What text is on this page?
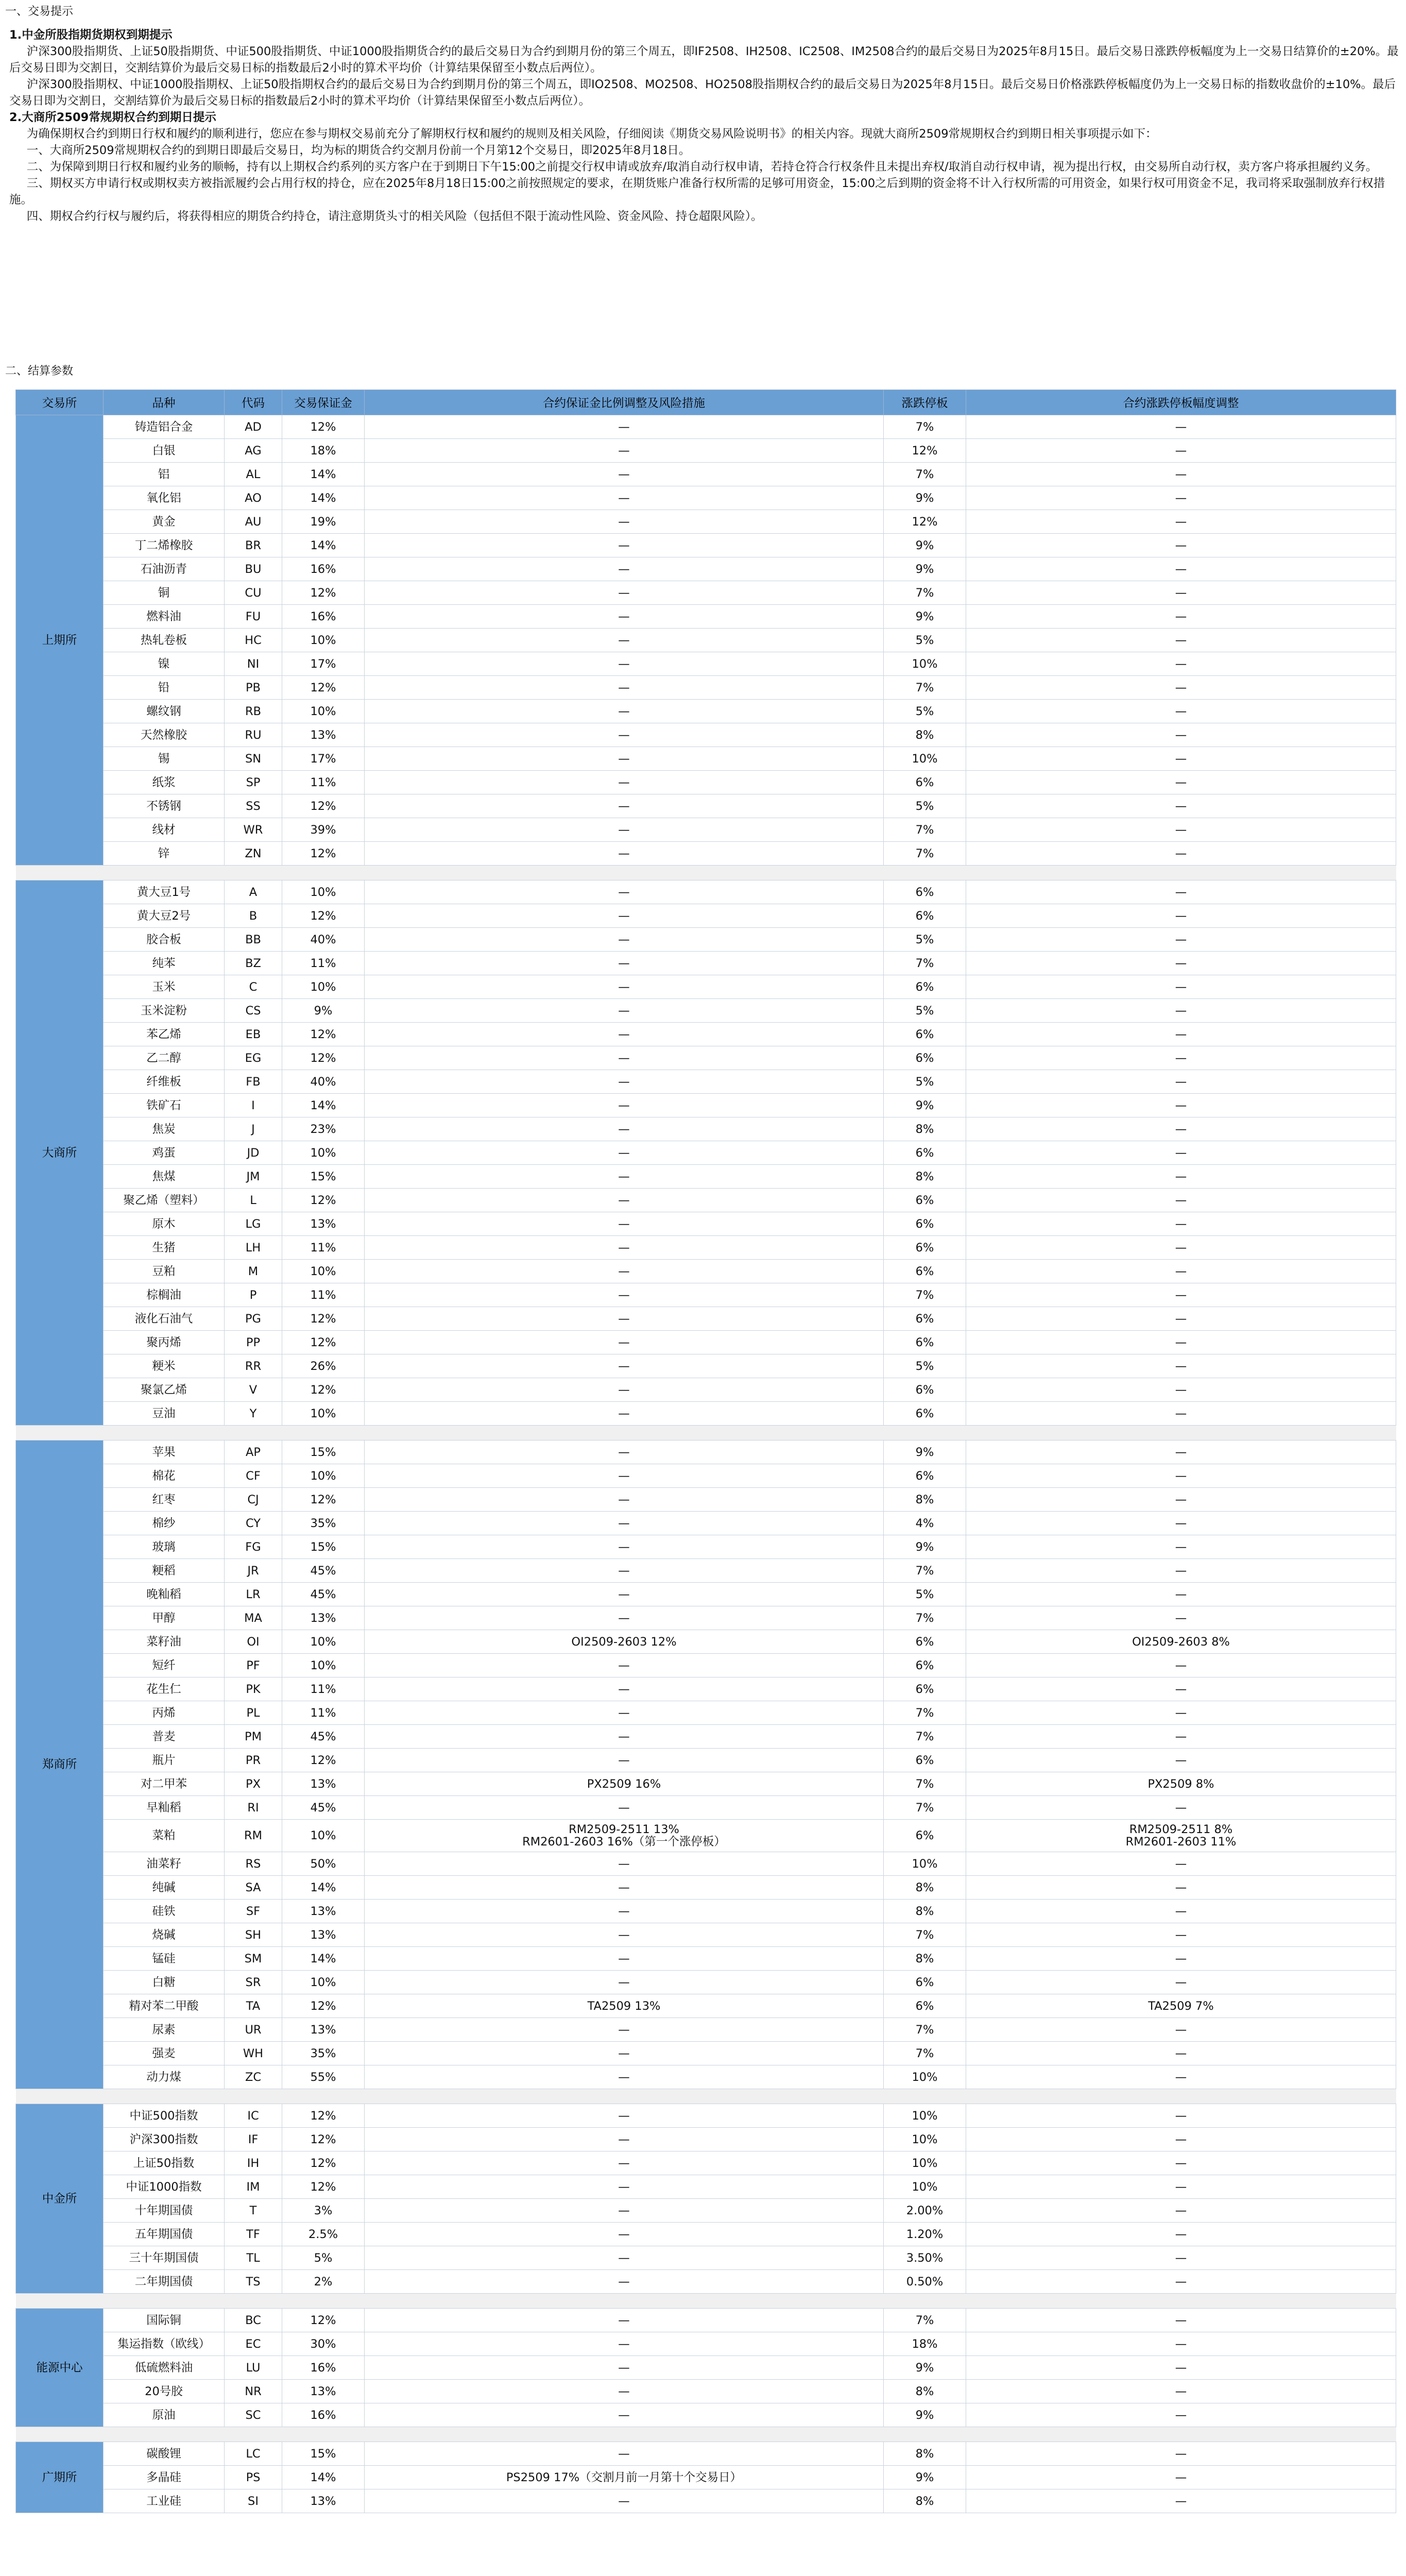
一、交易提示

1.中金所股指期货期权到期提示

沪深300股指期货、上证50股指期货、中证500股指期货、中证1000股指期货合约的最后交易日为合约到期月份的第三个周五，即IF2508、IH2508、IC2508、IM2508合约的最后交易日为2025年8月15日。最后交易日涨跌停板幅度为上一交易日结算价的±20%。最后交易日即为交割日，交割结算价为最后交易日标的指数最后2小时的算术平均价（计算结果保留至小数点后两位）。

沪深300股指期权、中证1000股指期权、上证50股指期权合约的最后交易日为合约到期月份的第三个周五，即IO2508、MO2508、HO2508股指期权合约的最后交易日为2025年8月15日。最后交易日价格涨跌停板幅度仍为上一交易日标的指数收盘价的±10%。最后交易日即为交割日，交割结算价为最后交易日标的指数最后2小时的算术平均价（计算结果保留至小数点后两位）。

2.大商所2509常规期权合约到期日提示

为确保期权合约到期日行权和履约的顺利进行，您应在参与期权交易前充分了解期权行权和履约的规则及相关风险，仔细阅读《期货交易风险说明书》的相关内容。现就大商所2509常规期权合约到期日相关事项提示如下：

一、大商所2509常规期权合约的到期日即最后交易日，均为标的期货合约交割月份前一个月第12个交易日，即2025年8月18日。

二、为保障到期日行权和履约业务的顺畅，持有以上期权合约系列的买方客户在于到期日下午15:00之前提交行权申请或放弃/取消自动行权申请，若持仓符合行权条件且未提出弃权/取消自动行权申请，视为提出行权，由交易所自动行权，卖方客户将承担履约义务。

三、期权买方申请行权或期权卖方被指派履约会占用行权的持仓，应在2025年8月18日15:00之前按照规定的要求，在期货账户准备行权所需的足够可用资金，15:00之后到期的资金将不计入行权所需的可用资金，如果行权可用资金不足，我司将采取强制放弃行权措施。

四、期权合约行权与履约后，将获得相应的期货合约持仓，请注意期货头寸的相关风险（包括但不限于流动性风险、资金风险、持仓超限风险）。

二、结算参数
交易所	品种	代码	交易保证金	合约保证金比例调整及风险措施	涨跌停板	合约涨跌停板幅度调整
上期所	铸造铝合金	AD	12%	—	7%	—
	白银	AG	18%	—	12%	—
	铝	AL	14%	—	7%	—
	氧化铝	AO	14%	—	9%	—
	黄金	AU	19%	—	12%	—
	丁二烯橡胶	BR	14%	—	9%	—
	石油沥青	BU	16%	—	9%	—
	铜	CU	12%	—	7%	—
	燃料油	FU	16%	—	9%	—
	热轧卷板	HC	10%	—	5%	—
	镍	NI	17%	—	10%	—
	铅	PB	12%	—	7%	—
	螺纹钢	RB	10%	—	5%	—
	天然橡胶	RU	13%	—	8%	—
	锡	SN	17%	—	10%	—
	纸浆	SP	11%	—	6%	—
	不锈钢	SS	12%	—	5%	—
	线材	WR	39%	—	7%	—
	锌	ZN	12%	—	7%	—

大商所	黄大豆1号	A	10%	—	6%	—
	黄大豆2号	B	12%	—	6%	—
	胶合板	BB	40%	—	5%	—
	纯苯	BZ	11%	—	7%	—
	玉米	C	10%	—	6%	—
	玉米淀粉	CS	9%	—	5%	—
	苯乙烯	EB	12%	—	6%	—
	乙二醇	EG	12%	—	6%	—
	纤维板	FB	40%	—	5%	—
	铁矿石	I	14%	—	9%	—
	焦炭	J	23%	—	8%	—
	鸡蛋	JD	10%	—	6%	—
	焦煤	JM	15%	—	8%	—
	聚乙烯（塑料）	L	12%	—	6%	—
	原木	LG	13%	—	6%	—
	生猪	LH	11%	—	6%	—
	豆粕	M	10%	—	6%	—
	棕榈油	P	11%	—	7%	—
	液化石油气	PG	12%	—	6%	—
	聚丙烯	PP	12%	—	6%	—
	粳米	RR	26%	—	5%	—
	聚氯乙烯	V	12%	—	6%	—
	豆油	Y	10%	—	6%	—

郑商所	苹果	AP	15%	—	9%	—
	棉花	CF	10%	—	6%	—
	红枣	CJ	12%	—	8%	—
	棉纱	CY	35%	—	4%	—
	玻璃	FG	15%	—	9%	—
	粳稻	JR	45%	—	7%	—
	晚籼稻	LR	45%	—	5%	—
	甲醇	MA	13%	—	7%	—
	菜籽油	OI	10%	OI2509-2603 12%	6%	OI2509-2603 8%
	短纤	PF	10%	—	6%	—
	花生仁	PK	11%	—	6%	—
	丙烯	PL	11%	—	7%	—
	普麦	PM	45%	—	7%	—
	瓶片	PR	12%	—	6%	—
	对二甲苯	PX	13%	PX2509 16%	7%	PX2509 8%
	早籼稻	RI	45%	—	7%	—
	菜粕	RM	10%	RM2509-2511 13%
RM2601-2603 16%（第一个涨停板）	6%	RM2509-2511 8%
RM2601-2603 11%
	油菜籽	RS	50%	—	10%	—
	纯碱	SA	14%	—	8%	—
	硅铁	SF	13%	—	8%	—
	烧碱	SH	13%	—	7%	—
	锰硅	SM	14%	—	8%	—
	白糖	SR	10%	—	6%	—
	精对苯二甲酸	TA	12%	TA2509 13%	6%	TA2509 7%
	尿素	UR	13%	—	7%	—
	强麦	WH	35%	—	7%	—
	动力煤	ZC	55%	—	10%	—

中金所	中证500指数	IC	12%	—	10%	—
	沪深300指数	IF	12%	—	10%	—
	上证50指数	IH	12%	—	10%	—
	中证1000指数	IM	12%	—	10%	—
	十年期国债	T	3%	—	2.00%	—
	五年期国债	TF	2.5%	—	1.20%	—
	三十年期国债	TL	5%	—	3.50%	—
	二年期国债	TS	2%	—	0.50%	—

能源中心	国际铜	BC	12%	—	7%	—
	集运指数（欧线）	EC	30%	—	18%	—
	低硫燃料油	LU	16%	—	9%	—
	20号胶	NR	13%	—	8%	—
	原油	SC	16%	—	9%	—

广期所	碳酸锂	LC	15%	—	8%	—
	多晶硅	PS	14%	PS2509 17%（交割月前一月第十个交易日）	9%	—
	工业硅	SI	13%	—	8%	—
